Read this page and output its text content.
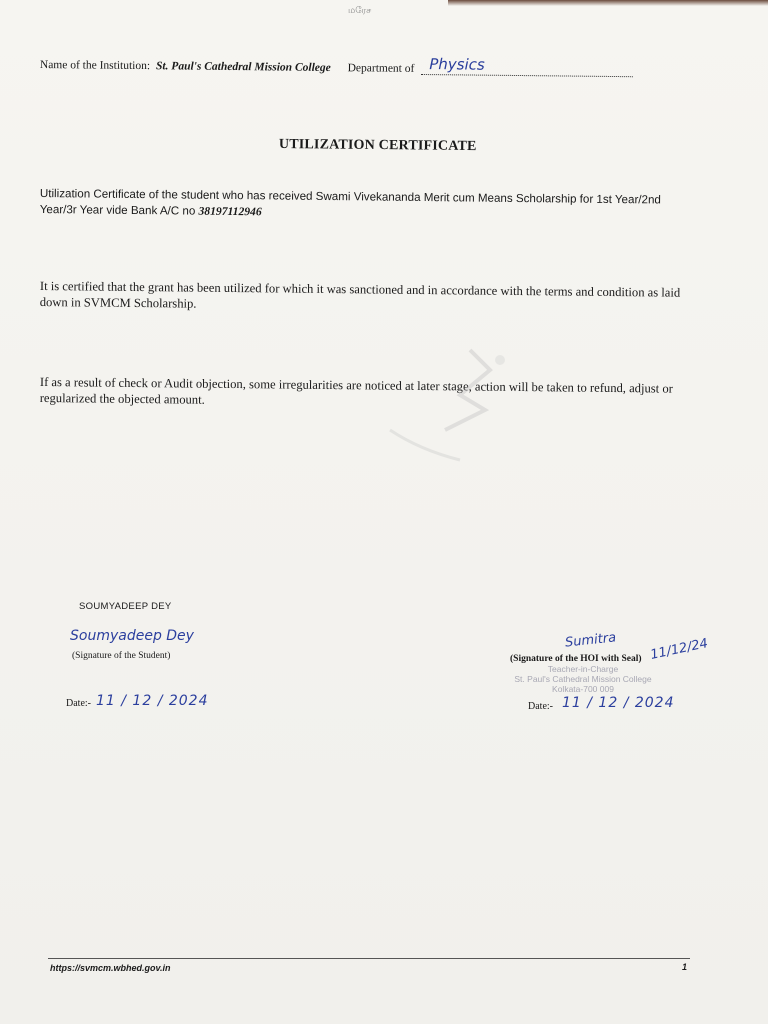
மரேச
Name of the Institution: St. Paul's Cathedral Mission College Department of Physics
UTILIZATION CERTIFICATE
Utilization Certificate of the student who has received Swami Vivekananda Merit cum Means Scholarship for 1st Year/2nd Year/3r Year vide Bank A/C no 38197112946
It is certified that the grant has been utilized for which it was sanctioned and in accordance with the terms and condition as laid down in SVMCM Scholarship.
If as a result of check or Audit objection, some irregularities are noticed at later stage, action will be taken to refund, adjust or regularized the objected amount.
SOUMYADEEP DEY
Soumyadeep Dey
(Signature of the Student)
Sumitra 11/12/24
(Signature of the HOI with Seal)
Teacher-in-Charge
St. Paul's Cathedral Mission College
Kolkata-700 009
Date:- 11 / 12 / 2024	Date:- 11 / 12 / 2024
https://svmcm.wbhed.gov.in	1
